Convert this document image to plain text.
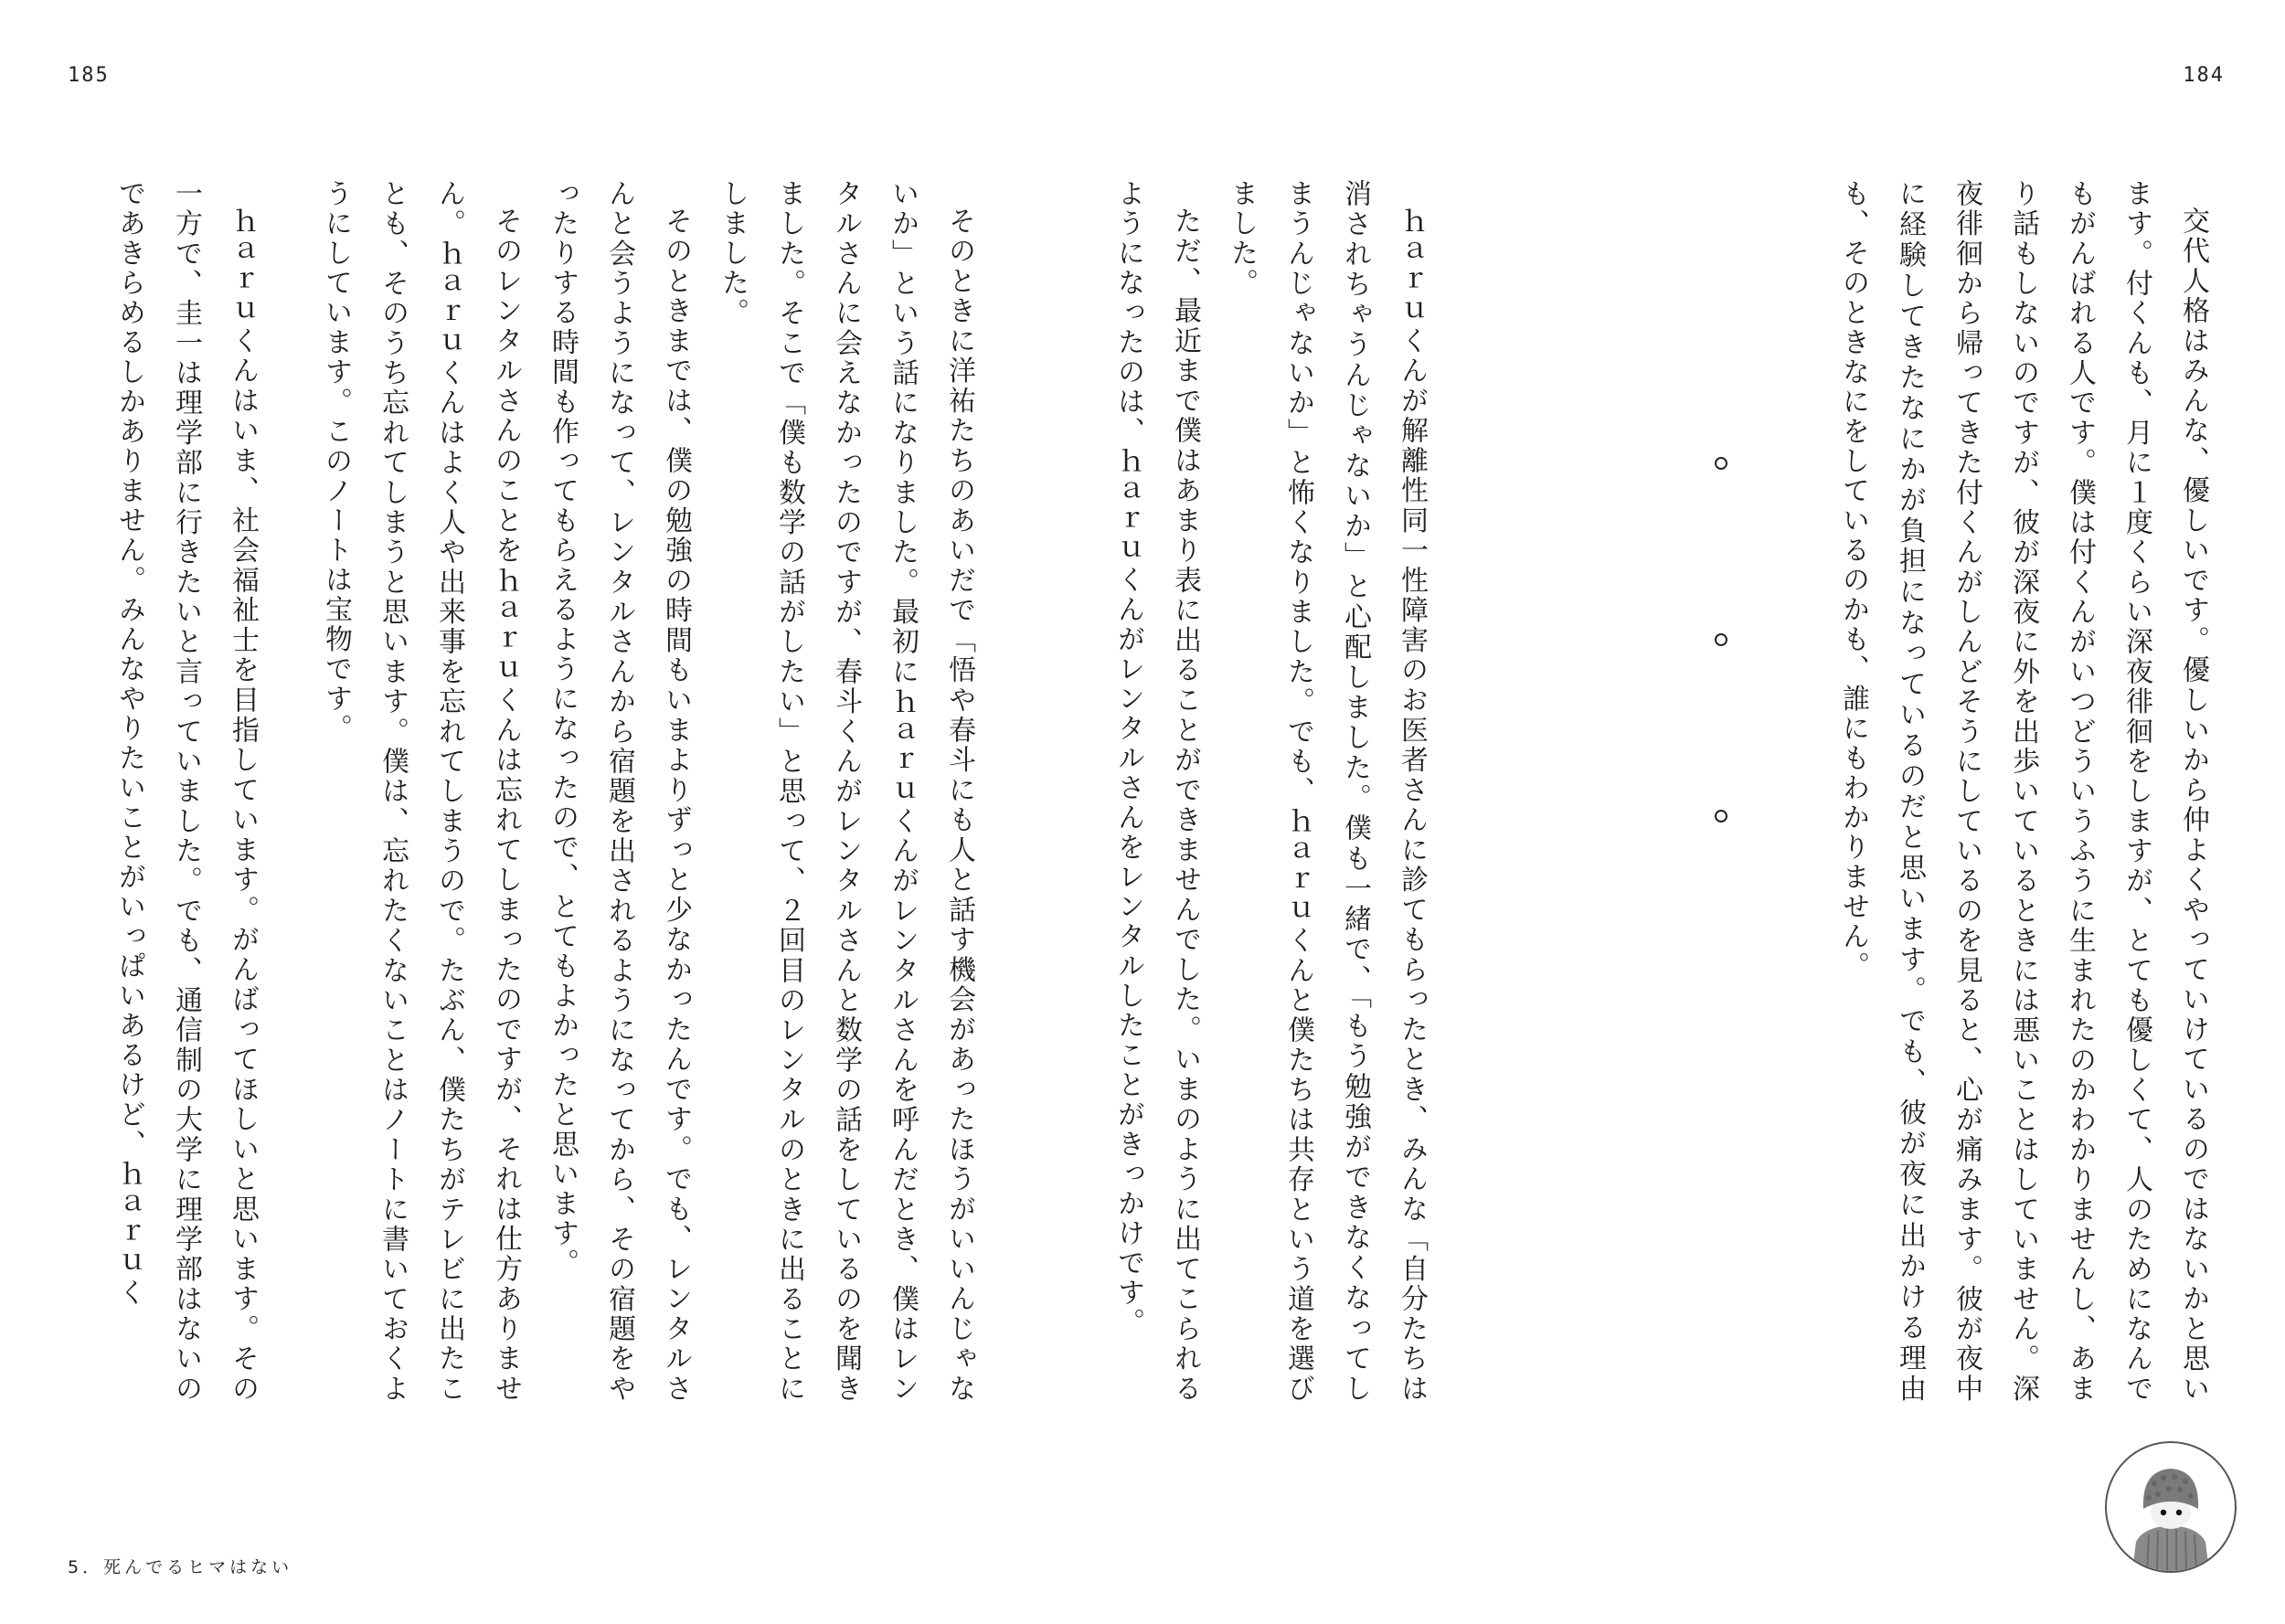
185

そのときに洋祐たちのあいだで「悟や春斗にも人と話す機会があったほうがいいんじゃないか」という話になりました。最初にｈａｒｕくんがレンタルさんを呼んだとき、僕はレンタルさんに会えなかったのですが、春斗くんがレンタルさんと数学の話をしているのを聞きました。そこで「僕も数学の話がしたい」と思って、２回目のレンタルのときに出ることにしました。

そのときまでは、僕の勉強の時間もいまよりずっと少なかったんです。でも、レンタルさんと会うようになって、レンタルさんから宿題を出されるようになってから、その宿題をやったりする時間も作ってもらえるようになったので、とてもよかったと思います。

そのレンタルさんのことをｈａｒｕくんは忘れてしまったのですが、それは仕方ありません。ｈａｒｕくんはよく人や出来事を忘れてしまうので。たぶん、僕たちがテレビに出たことも、そのうち忘れてしまうと思います。僕は、忘れたくないことはノートに書いておくようにしています。このノートは宝物です。

ｈａｒｕくんはいま、社会福祉士を目指しています。がんばってほしいと思います。その一方で、圭一は理学部に行きたいと言っていました。でも、通信制の大学に理学部はないのであきらめるしかありません。みんなやりたいことがいっぱいあるけど、ｈａｒｕく

5．死んでるヒマはない
184

交代人格はみんな、優しいです。優しいから仲よくやっていけているのではないかと思います。付くんも、月に１度くらい深夜徘徊をしますが、とても優しくて、人のためになんでもがんばれる人です。僕は付くんがいつどういうふうに生まれたのかわかりませんし、あまり話もしないのですが、彼が深夜に外を出歩いているときには悪いことはしていません。深夜徘徊から帰ってきた付くんがしんどそうにしているのを見ると、心が痛みます。彼が夜中に経験してきたなにかが負担になっているのだと思います。でも、彼が夜に出かける理由も、そのときなにをしているのかも、誰にもわかりません。

ｈａｒｕくんが解離性同一性障害のお医者さんに診てもらったとき、みんな「自分たちは消されちゃうんじゃないか」と心配しました。僕も一緒で、「もう勉強ができなくなってしまうんじゃないか」と怖くなりました。でも、ｈａｒｕくんと僕たちは共存という道を選びました。

ただ、最近まで僕はあまり表に出ることができませんでした。いまのように出てこられるようになったのは、ｈａｒｕくんがレンタルさんをレンタルしたことがきっかけです。
